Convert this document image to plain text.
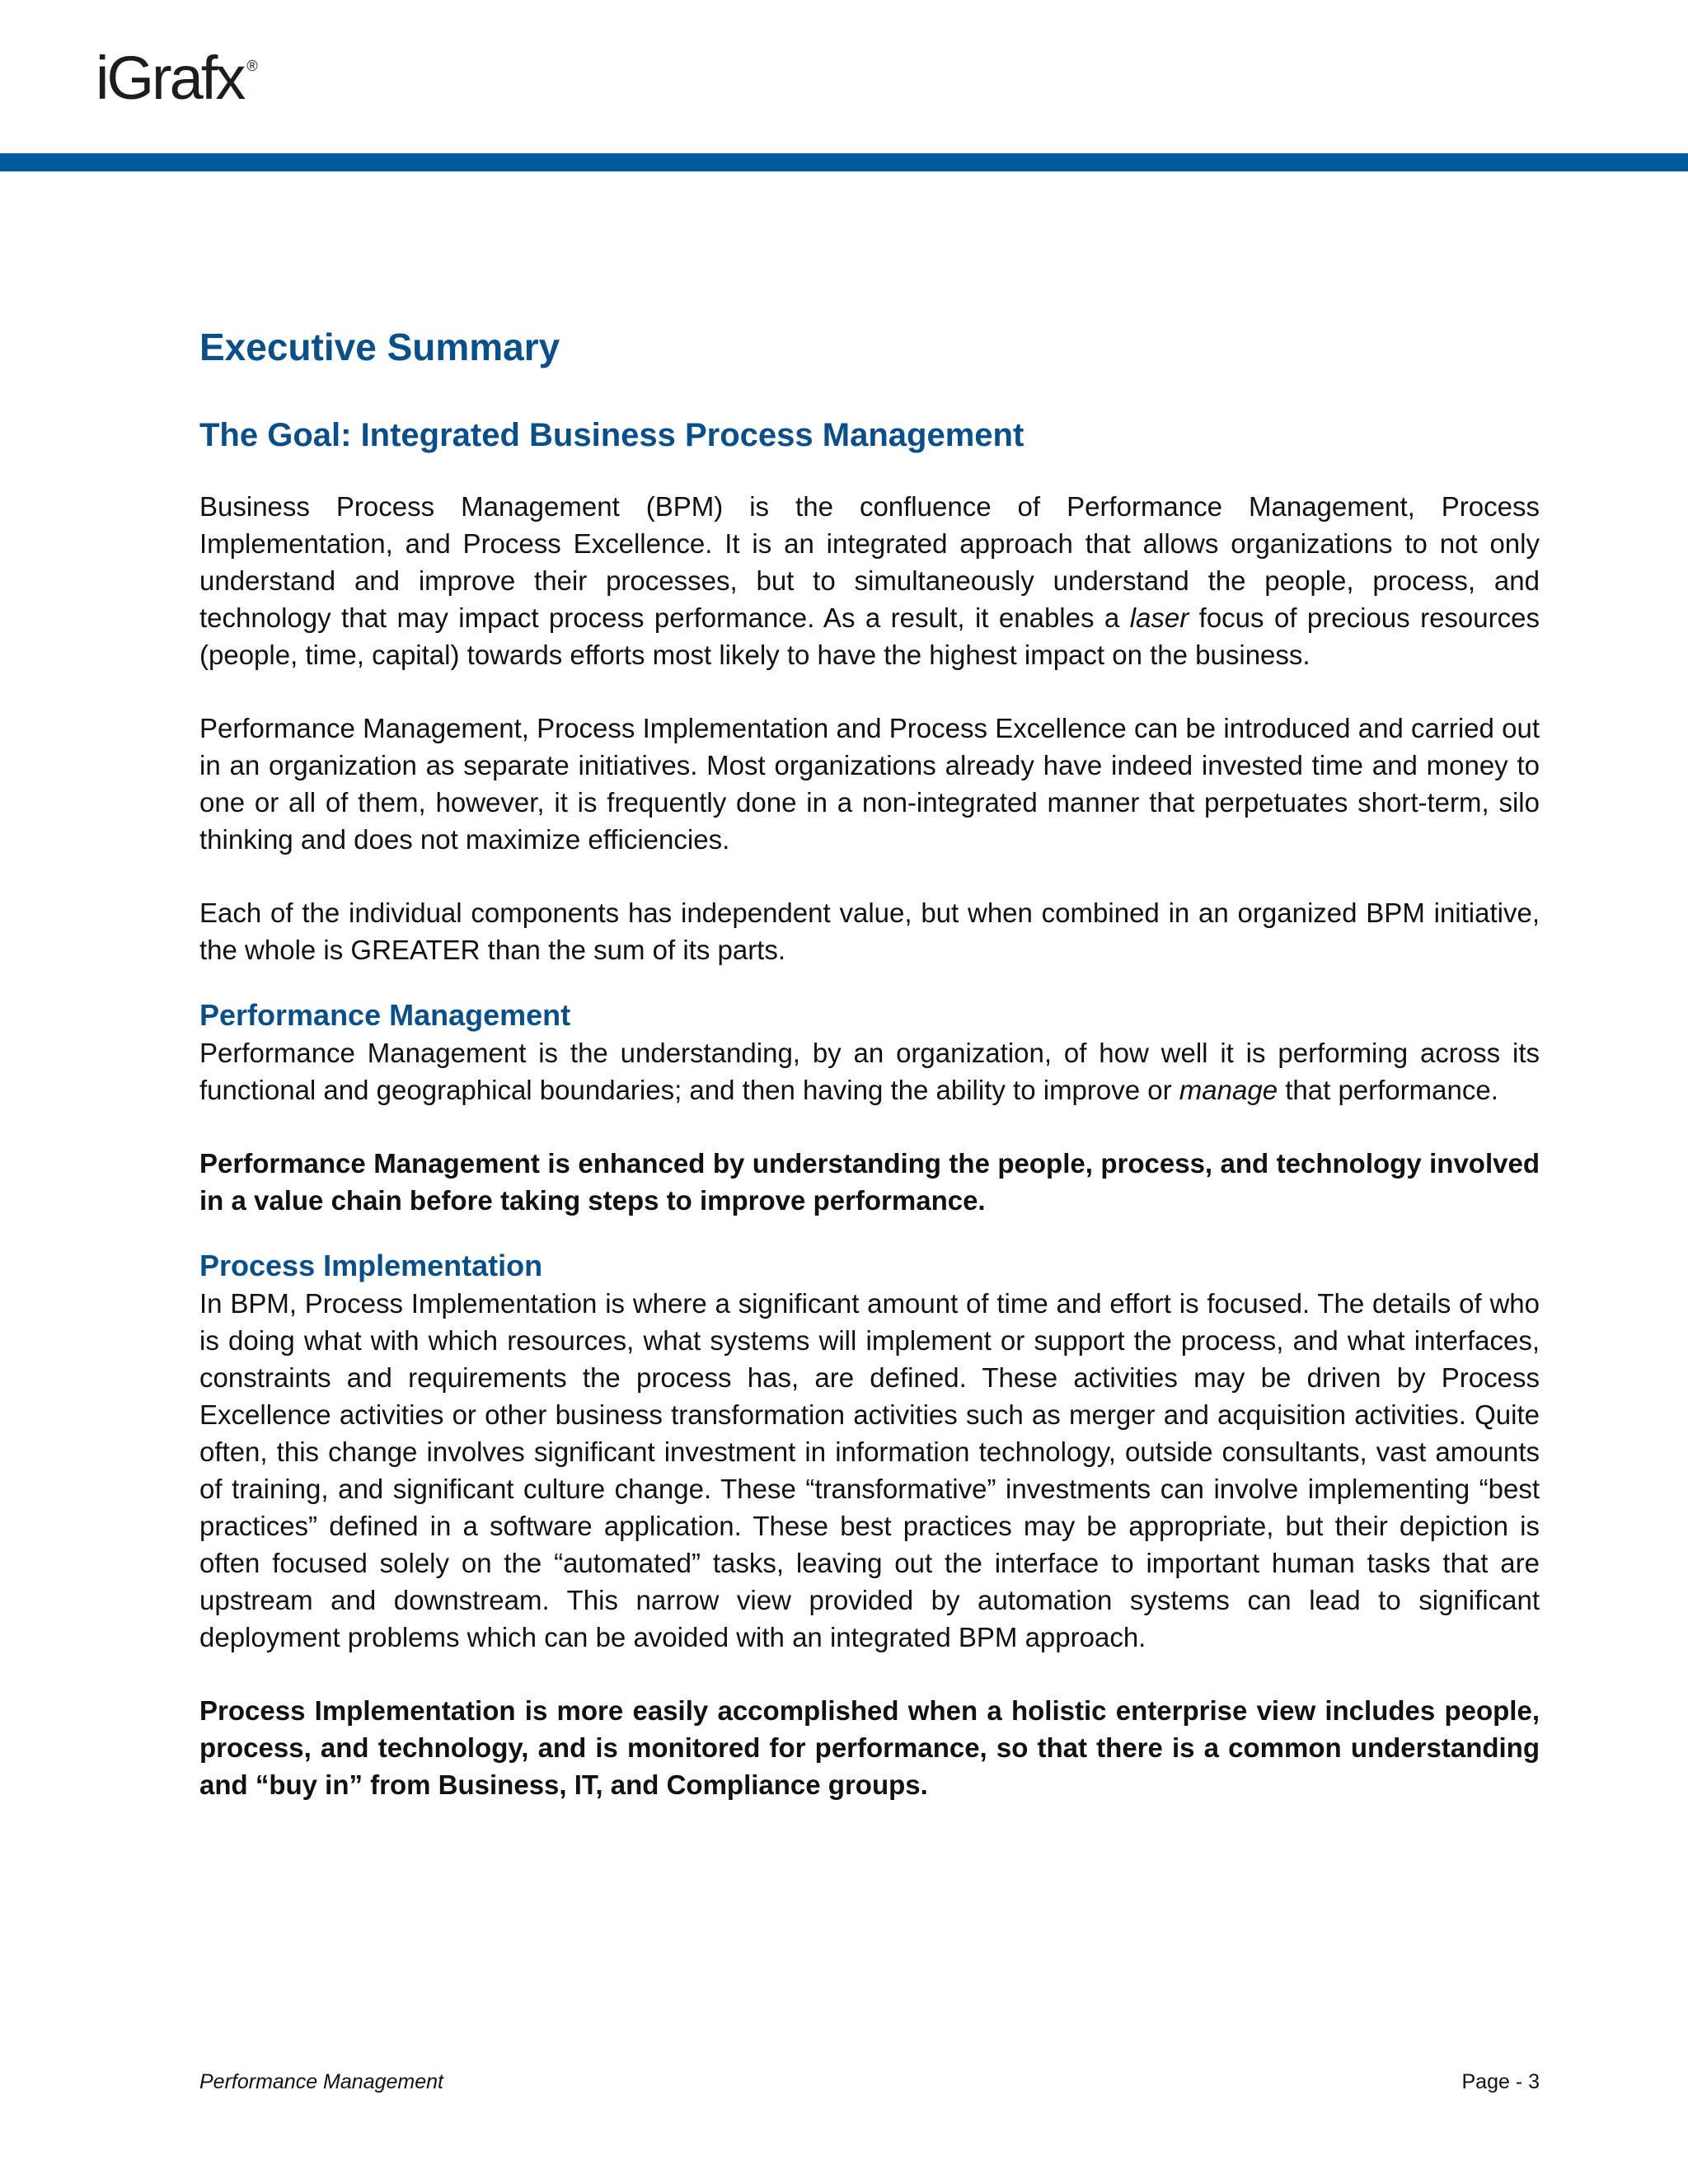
iGrafx ®
Executive Summary
The Goal: Integrated Business Process Management

Business Process Management (BPM) is the confluence of Performance Management, Process Implementation, and Process Excellence. It is an integrated approach that allows organizations to not only understand and improve their processes, but to simultaneously understand the people, process, and technology that may impact process performance. As a result, it enables a laser focus of precious resources (people, time, capital) towards efforts most likely to have the highest impact on the business.

Performance Management, Process Implementation and Process Excellence can be introduced and carried out in an organization as separate initiatives. Most organizations already have indeed invested time and money to one or all of them, however, it is frequently done in a non-integrated manner that perpetuates short-term, silo thinking and does not maximize efficiencies.

Each of the individual components has independent value, but when combined in an organized BPM initiative, the whole is GREATER than the sum of its parts.

Performance Management

Performance Management is the understanding, by an organization, of how well it is performing across its functional and geographical boundaries; and then having the ability to improve or manage that performance.

Performance Management is enhanced by understanding the people, process, and technology involved in a value chain before taking steps to improve performance.

Process Implementation

In BPM, Process Implementation is where a significant amount of time and effort is focused. The details of who is doing what with which resources, what systems will implement or support the process, and what interfaces, constraints and requirements the process has, are defined. These activities may be driven by Process Excellence activities or other business transformation activities such as merger and acquisition activities. Quite often, this change involves significant investment in information technology, outside consultants, vast amounts of training, and significant culture change. These “transformative” investments can involve implementing “best practices” defined in a software application. These best practices may be appropriate, but their depiction is often focused solely on the “automated” tasks, leaving out the interface to important human tasks that are upstream and downstream. This narrow view provided by automation systems can lead to significant deployment problems which can be avoided with an integrated BPM approach.

Process Implementation is more easily accomplished when a holistic enterprise view includes people, process, and technology, and is monitored for performance, so that there is a common understanding and “buy in” from Business, IT, and Compliance groups.

Performance Management	Page - 3
